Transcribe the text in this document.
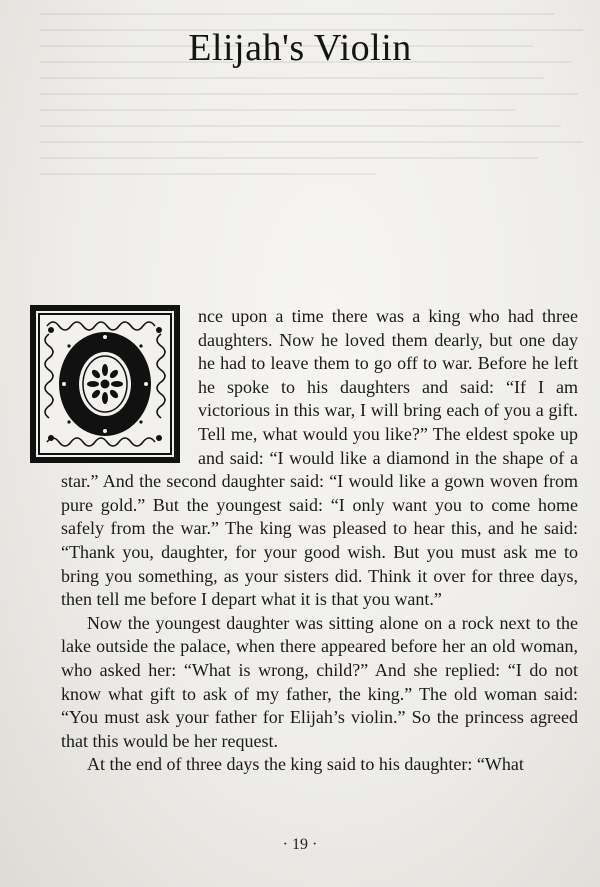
Elijah's Violin

nce upon a time there was a king who had three daughters. Now he loved them dearly, but one day he had to leave them to go off to war. Before he left he spoke to his daughters and said: “If I am victorious in this war, I will bring each of you a gift. Tell me, what would you like?” The eldest spoke up and said: “I would like a diamond in the shape of a star.” And the second daughter said: “I would like a gown woven from pure gold.” But the youngest said: “I only want you to come home safely from the war.” The king was pleased to hear this, and he said: “Thank you, daughter, for your good wish. But you must ask me to bring you something, as your sisters did. Think it over for three days, then tell me before I depart what it is that you want.”

Now the youngest daughter was sitting alone on a rock next to the lake outside the palace, when there appeared before her an old woman, who asked her: “What is wrong, child?” And she replied: “I do not know what gift to ask of my father, the king.” The old woman said: “You must ask your father for Elijah’s violin.” So the princess agreed that this would be her request.

At the end of three days the king said to his daughter: “What

· 19 ·
